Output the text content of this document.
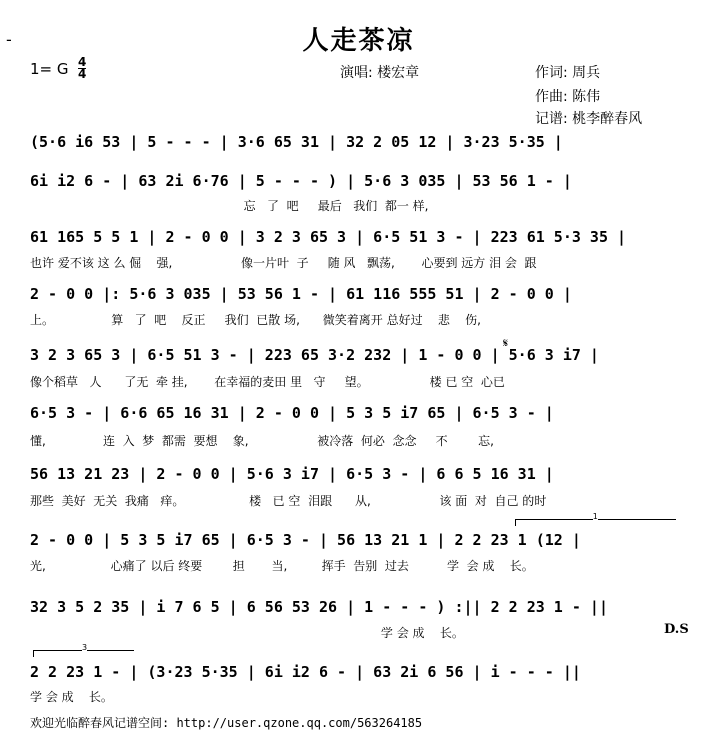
-	人走茶凉
1= G $\frac{4}{4}$	演唱: 楼宏章	作词: 周兵
作曲: 陈伟
记谱: 桃李醉春风
(5·6 i6 53 | 5 - - - | 3·6 65 31 | 32 2 05 12 | 3·23 5·35 |
6i i2 6 - | 63 2i 6·76 | 5 - - - ) | 5·6 3 035 | 53 56 1 - |
忘   了  吧     最后   我们  都一 样,
61 165 5 5 1 | 2 - 0 0 | 3 2 3 65 3 | 6·5 51 3 - | 223 61 5·3 35 |
也许 爱不该 这 么 倔    强,                  像一片叶  子     随 风   飘荡,       心要到 远方 泪 会  跟
2 - 0 0 |: 5·6 3 035 | 53 56 1 - | 61 116 555 51 | 2 - 0 0 |
上。               算   了  吧    反正     我们  已散 场,      微笑着离开 总好过    悲    伤,
𝄋
3 2 3 65 3 | 6·5 51 3 - | 223 65 3·2 232 | 1 - 0 0 | 5·6 3 i7 |
像个稻草   人      了无  牵 挂,       在幸福的麦田 里   守     望。                楼 已 空  心已
6·5 3 - | 6·6 65 16 31 | 2 - 0 0 | 5 3 5 i7 65 | 6·5 3 - |
懂,               连  入  梦  都需  要想    象,                  被冷落  何必  念念     不        忘,
56 13 21 23 | 2 - 0 0 | 5·6 3 i7 | 6·5 3 - | 6 6 5 16 31 |
那些  美好  无关  我痛   痒。                 楼   已 空  泪跟      从,                  该 面  对  自己 的时
1
2 - 0 0 | 5 3 5 i7 65 | 6·5 3 - | 56 13 21 1 | 2 2 23 1 (12 |
光,                 心痛了 以后 终要        担       当,         挥手  告别  过去          学  会 成    长。
32 3 5 2 35 | i 7 6 5 | 6 56 53 26 | 1 - - - ) :|| 2 2 23 1 - ||
学 会 成    长。	D.S
3
2 2 23 1 - | (3·23 5·35 | 6i i2 6 - | 63 2i 6 56 | i - - - ||
学 会 成    长。
欢迎光临醉春风记谱空间: http://user.qzone.qq.com/563264185
